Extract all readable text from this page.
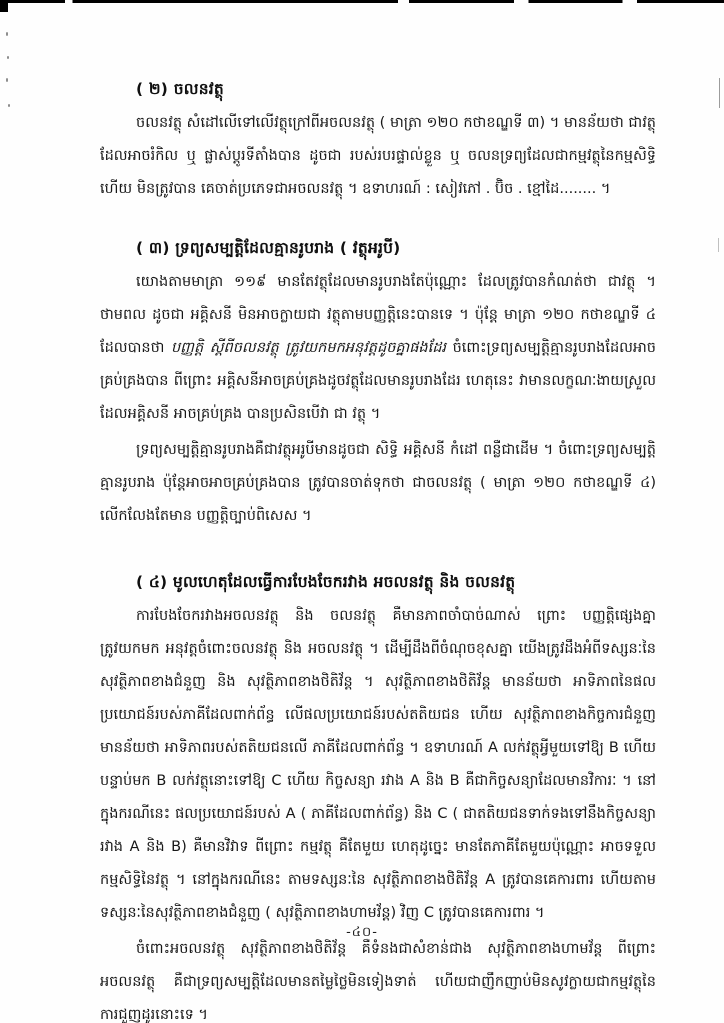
( ២) ចលនវត្ថុ
ចលនវត្ថុ សំដៅលើទៅលើវត្ថុក្រៅពីអចលនវត្ថុ ( មាត្រា ១២០ កថាខណ្ឌទី ៣) ។ មានន័យថា ជាវត្ថុ ដែលអាចរំកិល ឬ ផ្លាស់ប្ដូរទីតាំងបាន ដូចជា របស់របរផ្ទាល់ខ្លួន ឬ ចលនទ្រព្យដែលជាកម្មវត្ថុនៃកម្មសិទ្ធិ ហើយ មិនត្រូវបាន គេចាត់ប្រភេទជាអចលនវត្ថុ ។ ឧទាហរណ៍ : សៀវភៅ . ប៊ិច . ខ្មៅដៃ........ ។
( ៣) ទ្រព្យសម្បត្តិដែលគ្មានរូបរាង ( វត្ថុអរូបី)
យោងតាមមាត្រា ១១៩ មានតែវត្ថុដែលមានរូបរាងតែប៉ុណ្ណោះ ដែលត្រូវបានកំណត់ថា ជាវត្ថុ ។ ថាមពល ដូចជា អគ្គិសនី មិនអាចក្លាយជា វត្ថុតាមបញ្ញត្តិនេះបានទេ ។ ប៉ុន្តែ មាត្រា ១២០ កថាខណ្ឌទី ៤ ដែលបានថា បញ្ញត្តិ ស្ដីពីចលនវត្ថុ ត្រូវយកមកអនុវត្តដូចគ្នាផងដែរ ចំពោះទ្រព្យសម្បត្តិគ្មានរូបរាងដែលអាចគ្រប់គ្រងបាន ពីព្រោះ អគ្គិសនីអាចគ្រប់គ្រងដូចវត្ថុដែលមានរូបរាងដែរ ហេតុនេះ វាមានលក្ខណៈងាយស្រួលដែលអគ្គិសនី អាចគ្រប់គ្រង បានប្រសិនបើវា ជា វត្ថុ ។
ទ្រព្យសម្បត្តិគ្មានរូបរាងគឺជាវត្ថុអរូបីមានដូចជា សិទ្ធិ អគ្គិសនី កំដៅ ពន្លឺជាដើម ។ ចំពោះទ្រព្យសម្បត្តិ គ្មានរូបរាង ប៉ុន្តែអាចអាចគ្រប់គ្រងបាន ត្រូវបានចាត់ទុកថា ជាចលនវត្ថុ ( មាត្រា ១២០ កថាខណ្ឌទី ៤) លើកលែងតែមាន បញ្ញត្តិច្បាប់ពិសេស ។
( ៤) មូលហេតុដែលធ្វើការបែងចែករវាង អចលនវត្ថុ និង ចលនវត្ថុ
ការបែងចែករវាងអចលនវត្ថុ និង ចលនវត្ថុ គឺមានភាពចាំបាច់ណាស់ ព្រោះ បញ្ញត្តិផ្សេងគ្នា ត្រូវយកមក អនុវត្តចំពោះចលនវត្ថុ និង អចលនវត្ថុ ។ ដើម្បីដឹងពីចំណុចខុសគ្នា យើងត្រូវដឹងអំពីទស្សនៈនៃសុវត្ថិភាពខាងជំនួញ និង សុវត្ថិភាពខាងថិតិវ័ន្ត ។ សុវត្ថិភាពខាងថិតិវ័ន្ត មានន័យថា អាទិភាពនៃផលប្រយោជន៍របស់ភាគីដែលពាក់ព័ន្ធ លើផលប្រយោជន៍របស់តតិយជន ហើយ សុវត្ថិភាពខាងកិច្ចការជំនួញ មានន័យថា អាទិភាពរបស់តតិយជនលើ ភាគីដែលពាក់ព័ន្ធ ។ ឧទាហរណ៍ A លក់វត្ថុអ្វីមួយទៅឱ្យ B ហើយបន្ទាប់មក B លក់វត្ថុនោះទៅឱ្យ C ហើយ កិច្ចសន្យា រវាង A និង B គឺជាកិច្ចសន្យាដែលមានវិការៈ ។ នៅក្នុងករណីនេះ ផលប្រយោជន៍របស់ A ( ភាគីដែលពាក់ព័ន្ធ) និង C ( ជាតតិយជនទាក់ទងទៅនឹងកិច្ចសន្យារវាង A និង B) គឺមានវិវាទ ពីព្រោះ កម្មវត្ថុ គឺតែមួយ ហេតុដូច្នេះ មានតែភាគីតែមួយប៉ុណ្ណោះ អាចទទួលកម្មសិទ្ធិនៃវត្ថុ ។ នៅក្នុងករណីនេះ តាមទស្សនៈនៃ សុវត្ថិភាពខាងថិតិវ័ន្ត A ត្រូវបានគេការពារ ហើយតាមទស្សនៈនៃសុវត្ថិភាពខាងជំនួញ ( សុវត្ថិភាពខាងហាមវ័ន្ត) វិញ C ត្រូវបានគេការពារ ។
ចំពោះអចលនវត្ថុ សុវត្ថិភាពខាងថិតិវ័ន្ត គឺទំនងជាសំខាន់ជាង សុវត្ថិភាពខាងហាមវ័ន្ត ពីព្រោះ អចលនវត្ថុ គឺជាទ្រព្យសម្បត្តិដែលមានតម្លៃថ្លៃមិនទៀងទាត់ ហើយជាញឹកញាប់មិនសូវក្លាយជាកម្មវត្ថុនៃការជួញដូរនោះទេ ។
-៤០-
